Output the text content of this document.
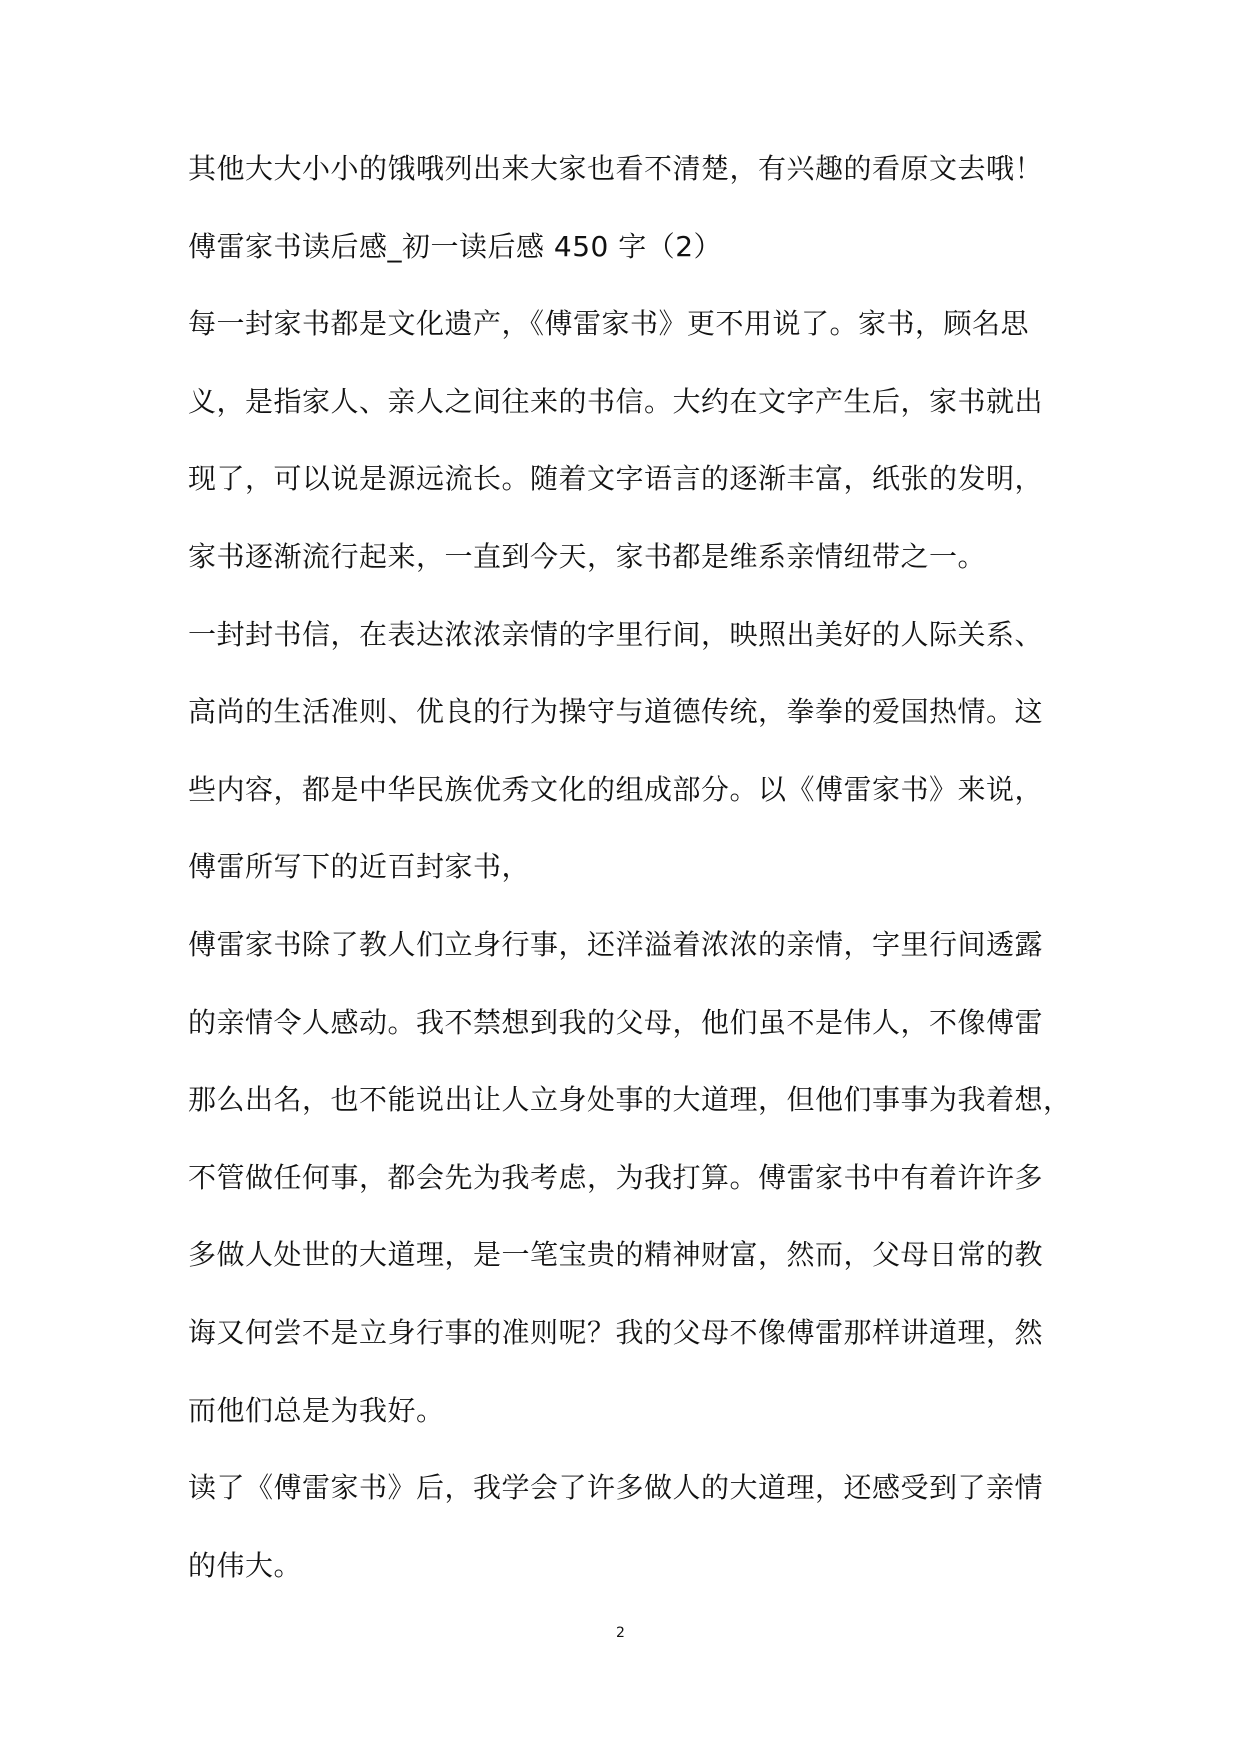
其他大大小小的饿哦列出来大家也看不清楚，有兴趣的看原文去哦！
傅雷家书读后感_初一读后感 450 字（2）
每一封家书都是文化遗产，《傅雷家书》更不用说了。家书，顾名思
义，是指家人、亲人之间往来的书信。大约在文字产生后，家书就出
现了，可以说是源远流长。随着文字语言的逐渐丰富，纸张的发明，
家书逐渐流行起来，一直到今天，家书都是维系亲情纽带之一。
一封封书信，在表达浓浓亲情的字里行间，映照出美好的人际关系、
高尚的生活准则、优良的行为操守与道德传统，拳拳的爱国热情。这
些内容，都是中华民族优秀文化的组成部分。以《傅雷家书》来说，
傅雷所写下的近百封家书，
傅雷家书除了教人们立身行事，还洋溢着浓浓的亲情，字里行间透露
的亲情令人感动。我不禁想到我的父母，他们虽不是伟人，不像傅雷
那么出名，也不能说出让人立身处事的大道理，但他们事事为我着想，
不管做任何事，都会先为我考虑，为我打算。傅雷家书中有着许许多
多做人处世的大道理，是一笔宝贵的精神财富，然而，父母日常的教
诲又何尝不是立身行事的准则呢？我的父母不像傅雷那样讲道理，然
而他们总是为我好。
读了《傅雷家书》后，我学会了许多做人的大道理，还感受到了亲情
的伟大。
2
